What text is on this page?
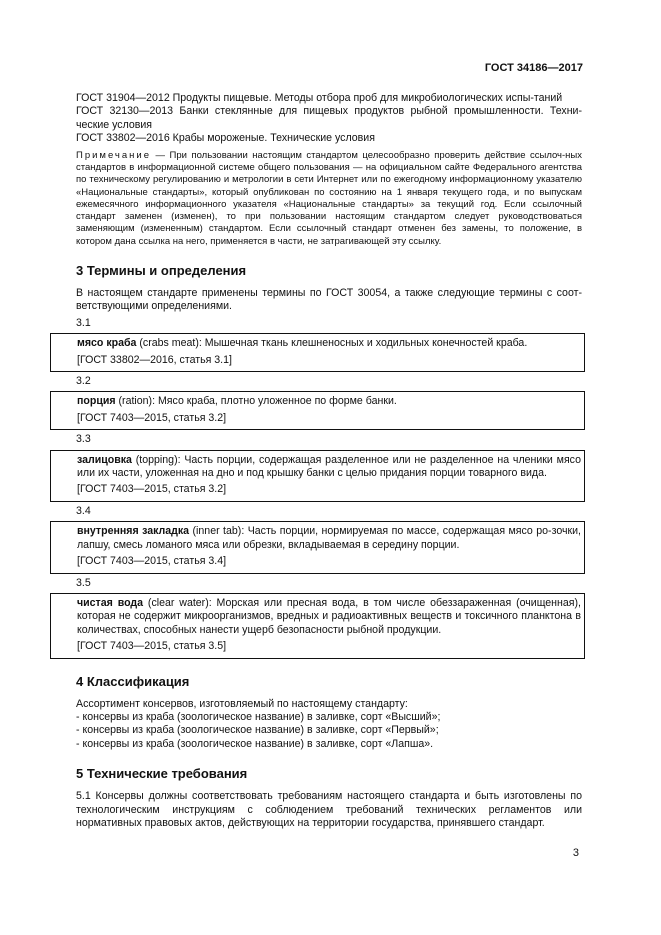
ГОСТ 34186—2017

ГОСТ 31904—2012 Продукты пищевые. Методы отбора проб для микробиологических испы-таний

ГОСТ 32130—2013 Банки стеклянные для пищевых продуктов рыбной промышленности. Техни-ческие условия

ГОСТ 33802—2016 Крабы мороженые. Технические условия

Примечание — При пользовании настоящим стандартом целесообразно проверить действие ссылоч-ных стандартов в информационной системе общего пользования — на официальном сайте Федерального агентства по техническому регулированию и метрологии в сети Интернет или по ежегодному информационному указателю «Национальные стандарты», который опубликован по состоянию на 1 января текущего года, и по выпускам ежемесячного информационного указателя «Национальные стандарты» за текущий год. Если ссылочный стандарт заменен (изменен), то при пользовании настоящим стандартом следует руководствоваться заменяющим (измененным) стандартом. Если ссылочный стандарт отменен без замены, то положение, в котором дана ссылка на него, применяется в части, не затрагивающей эту ссылку.

3 Термины и определения

В настоящем стандарте применены термины по ГОСТ 30054, а также следующие термины с соот-ветствующими определениями.

3.1

мясо краба (crabs meat): Мышечная ткань клешненосных и ходильных конечностей краба.

[ГОСТ 33802—2016, статья 3.1]

3.2

порция (ration): Мясо краба, плотно уложенное по форме банки.

[ГОСТ 7403—2015, статья 3.2]

3.3

залицовка (topping): Часть порции, содержащая разделенное или не разделенное на членики мясо или их части, уложенная на дно и под крышку банки с целью придания порции товарного вида.

[ГОСТ 7403—2015, статья 3.2]

3.4

внутренняя закладка (inner tab): Часть порции, нормируемая по массе, содержащая мясо ро-зочки, лапшу, смесь ломаного мяса или обрезки, вкладываемая в середину порции.

[ГОСТ 7403—2015, статья 3.4]

3.5

чистая вода (clear water): Морская или пресная вода, в том числе обеззараженная (очищенная), которая не содержит микроорганизмов, вредных и радиоактивных веществ и токсичного планктона в количествах, способных нанести ущерб безопасности рыбной продукции.

[ГОСТ 7403—2015, статья 3.5]

4 Классификация

Ассортимент консервов, изготовляемый по настоящему стандарту:

- консервы из краба (зоологическое название) в заливке, сорт «Высший»;

- консервы из краба (зоологическое название) в заливке, сорт «Первый»;

- консервы из краба (зоологическое название) в заливке, сорт «Лапша».

5 Технические требования

5.1 Консервы должны соответствовать требованиям настоящего стандарта и быть изготовлены по технологическим инструкциям с соблюдением требований технических регламентов или нормативных правовых актов, действующих на территории государства, принявшего стандарт.

3
